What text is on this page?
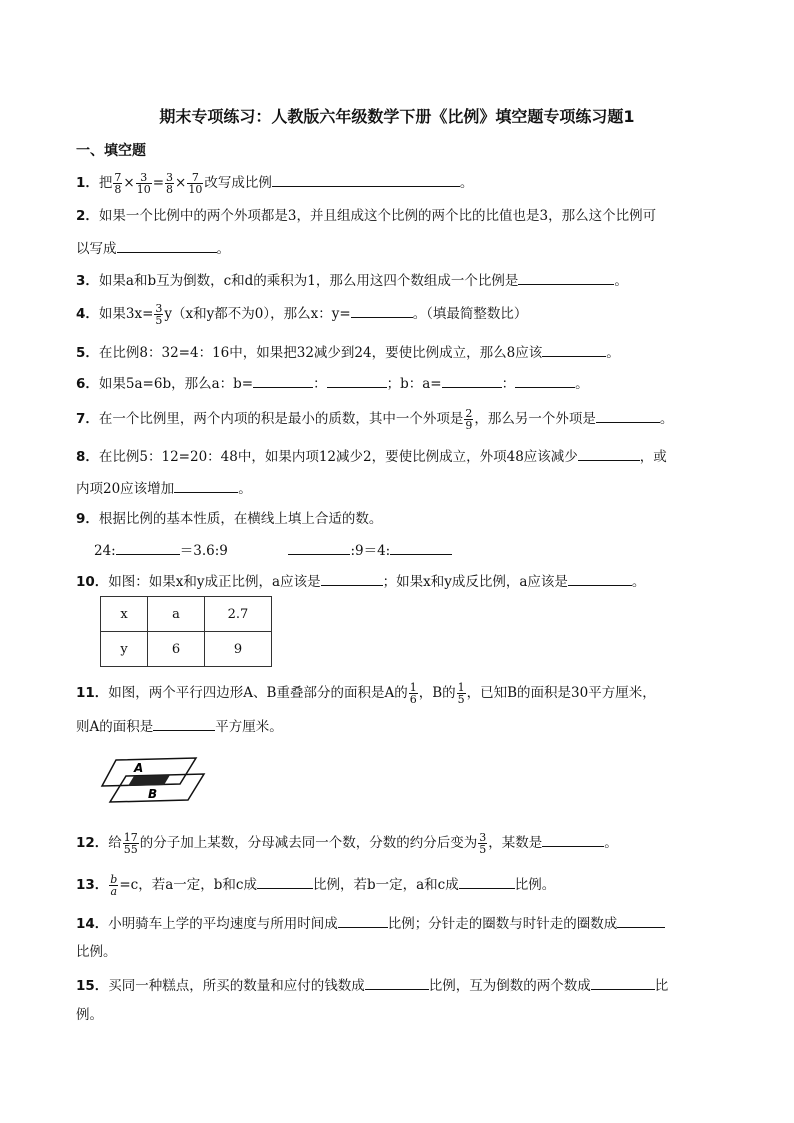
期末专项练习：人教版六年级数学下册《比例》填空题专项练习题1
一、填空题
1．把 $\frac{7}{8} \times \frac{3}{10} = \frac{3}{8} \times \frac{7}{10}$ 改写成比例	。
2．如果一个比例中的两个外项都是3，并且组成这个比例的两个比的比值也是3，那么这个比例可
以写成	。
3．如果a和b互为倒数，c和d的乘积为1，那么用这四个数组成一个比例是	。
4．如果$3x= \frac{3}{5} y(x$和y都不为0），那么x：y=	。（填最简整数比）
5．在比例8：32=4：16中，如果把32减少到24，要使比例成立，那么8应该	。
6．如果5a=6b，那么a：b=	：	；b：a=	：	。
7．在一个比例里，两个内项的积是最小的质数，其中一个外项是 $\frac{2}{9}$ ，那么另一个外项是	。
8．在比例5：12=20：48中，如果内项12减少2，要使比例成立，外项48应该减少	，或
内项20应该增加	。
9．根据比例的基本性质，在横线上填上合适的数。
24:	＝3.6:9	:9＝4:
10．如图：如果x和y成正比例，a应该是	；如果x和y成反比例，a应该是	。
x	a	2.7
y	6	9
11．如图，两个平行四边形A、B重叠部分的面积是A的 $\frac{1}{6}$ ，B的 $\frac{1}{5}$ ，已知B的面积是30平方厘米，
则A的面积是	平方厘米。
A
B
12．给 $\frac{17}{55}$ 的分子加上某数，分母减去同一个数，分数的约分后变为 $\frac{3}{5}$ ，某数是	。
13． $\frac{b}{a} =c$，若a一定，b和c成	比例，若b一定，a和c成	比例。
14．小明骑车上学的平均速度与所用时间成	比例；分针走的圈数与时针走的圈数成
比例。
15．买同一种糕点，所买的数量和应付的钱数成	比例，互为倒数的两个数成	比
例。
